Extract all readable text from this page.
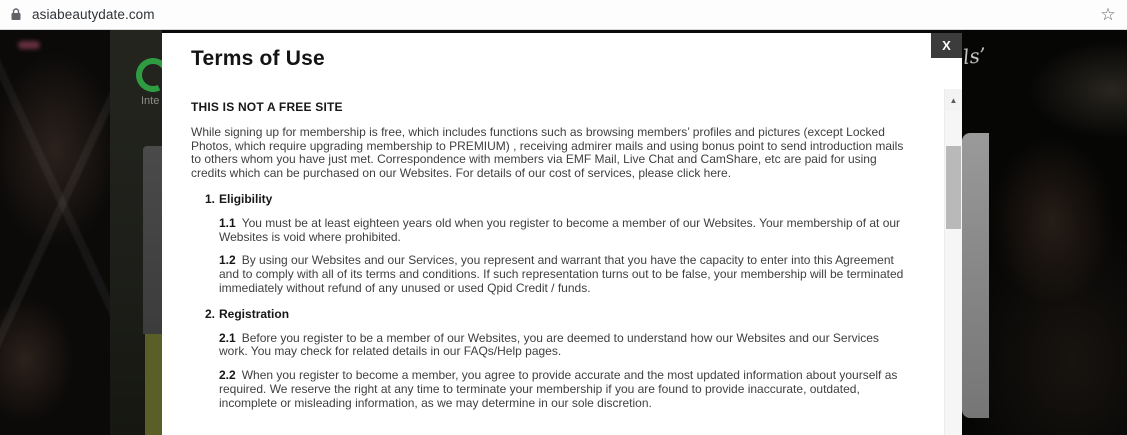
asiabeautydate.com	☆
Inte
ls’
X
Terms of Use
THIS IS NOT A FREE SITE

While signing up for membership is free, which includes functions such as browsing members’ profiles and pictures (except Locked Photos, which require upgrading membership to PREMIUM) , receiving admirer mails and using bonus point to send introduction mails to others whom you have just met. Correspondence with members via EMF Mail, Live Chat and CamShare, etc are paid for using credits which can be purchased on our Websites. For details of our cost of services, please click here.

1. Eligibility

1.1 You must be at least eighteen years old when you register to become a member of our Websites. Your membership of at our Websites is void where prohibited.

1.2 By using our Websites and our Services, you represent and warrant that you have the capacity to enter into this Agreement and to comply with all of its terms and conditions. If such representation turns out to be false, your membership will be terminated immediately without refund of any unused or used Qpid Credit / funds.

2. Registration

2.1 Before you register to be a member of our Websites, you are deemed to understand how our Websites and our Services work. You may check for related details in our FAQs/Help pages.

2.2 When you register to become a member, you agree to provide accurate and the most updated information about yourself as required. We reserve the right at any time to terminate your membership if you are found to provide inaccurate, outdated, incomplete or misleading information, as we may determine in our sole discretion.

▲
